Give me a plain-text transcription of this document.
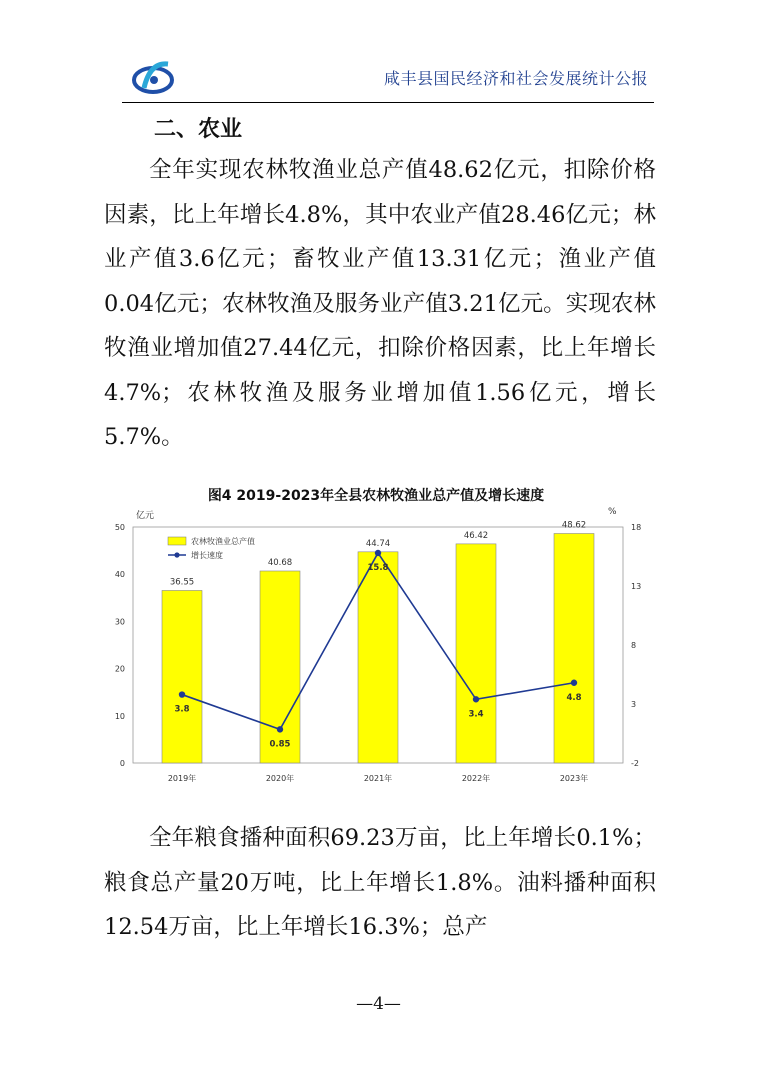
咸丰县国民经济和社会发展统计公报
二、农业

全年实现农林牧渔业总产值48.62亿元，扣除价格因素，比上年增长4.8%，其中农业产值28.46亿元；林业产值3.6亿元；畜牧业产值13.31亿元；渔业产值0.04亿元；农林牧渔及服务业产值3.21亿元。实现农林牧渔业增加值27.44亿元，扣除价格因素，比上年增长4.7%；农林牧渔及服务业增加值1.56亿元，增长5.7%。

图4 2019-2023年全县农林牧渔业总产值及增长速度
亿元	%
0
10
20
30
40
50
-2
3
8
13
18
36.55
40.68
44.74
46.42
48.62
3.8
0.85
15.8
3.4
4.8
2019年	2020年	2021年	2022年	2023年
农林牧渔业总产值
增长速度

全年粮食播种面积69.23万亩，比上年增长0.1%；粮食总产量20万吨，比上年增长1.8%。油料播种面积12.54万亩，比上年增长16.3%；总产

—4—
